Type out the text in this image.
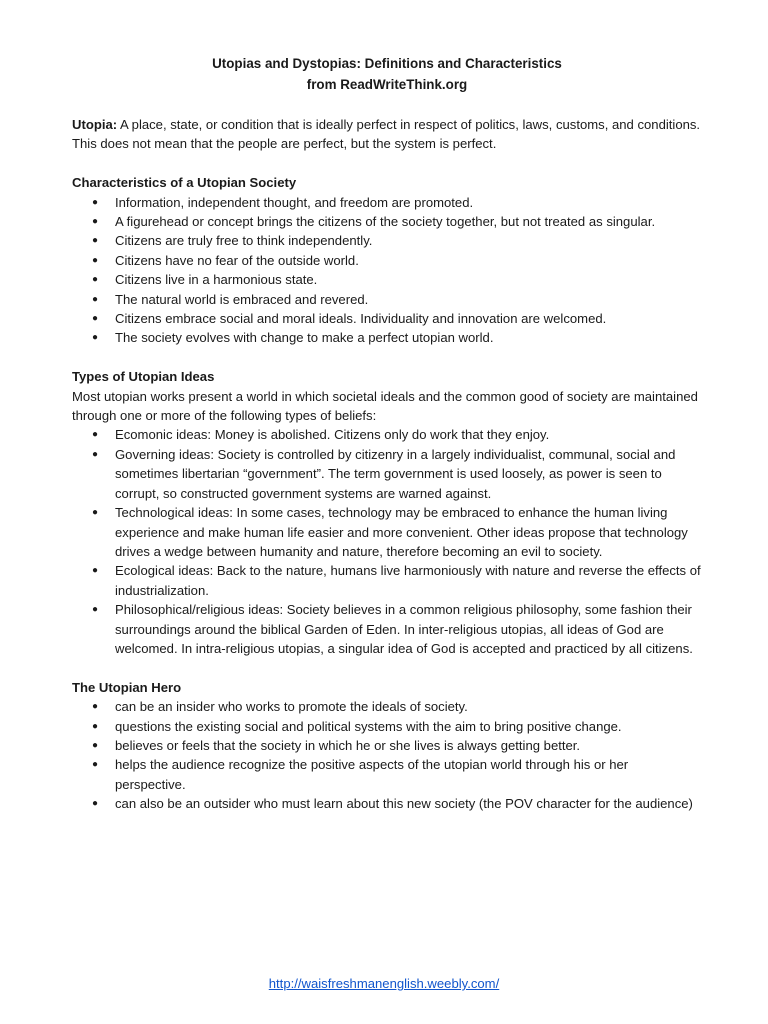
Utopias and Dystopias: Definitions and Characteristics

from ReadWriteThink.org

Utopia: A place, state, or condition that is ideally perfect in respect of politics, laws, customs, and conditions. This does not mean that the people are perfect, but the system is perfect.

Characteristics of a Utopian Society

● Information, independent thought, and freedom are promoted.
● A figurehead or concept brings the citizens of the society together, but not treated as singular.
● Citizens are truly free to think independently.
● Citizens have no fear of the outside world.
● Citizens live in a harmonious state.
● The natural world is embraced and revered.
● Citizens embrace social and moral ideals. Individuality and innovation are welcomed.
● The society evolves with change to make a perfect utopian world.

Types of Utopian Ideas

Most utopian works present a world in which societal ideals and the common good of society are maintained through one or more of the following types of beliefs:

● Ecomonic ideas: Money is abolished. Citizens only do work that they enjoy.
● Governing ideas: Society is controlled by citizenry in a largely individualist, communal, social and sometimes libertarian “government”. The term government is used loosely, as power is seen to corrupt, so constructed government systems are warned against.
● Technological ideas: In some cases, technology may be embraced to enhance the human living experience and make human life easier and more convenient. Other ideas propose that technology drives a wedge between humanity and nature, therefore becoming an evil to society.
● Ecological ideas: Back to the nature, humans live harmoniously with nature and reverse the effects of industrialization.
● Philosophical/religious ideas: Society believes in a common religious philosophy, some fashion their surroundings around the biblical Garden of Eden. In inter-religious utopias, all ideas of God are welcomed. In intra-religious utopias, a singular idea of God is accepted and practiced by all citizens.

The Utopian Hero

● can be an insider who works to promote the ideals of society.
● questions the existing social and political systems with the aim to bring positive change.
● believes or feels that the society in which he or she lives is always getting better.
● helps the audience recognize the positive aspects of the utopian world through his or her perspective.
● can also be an outsider who must learn about this new society (the POV character for the audience)
http://waisfreshmanenglish.weebly.com/
